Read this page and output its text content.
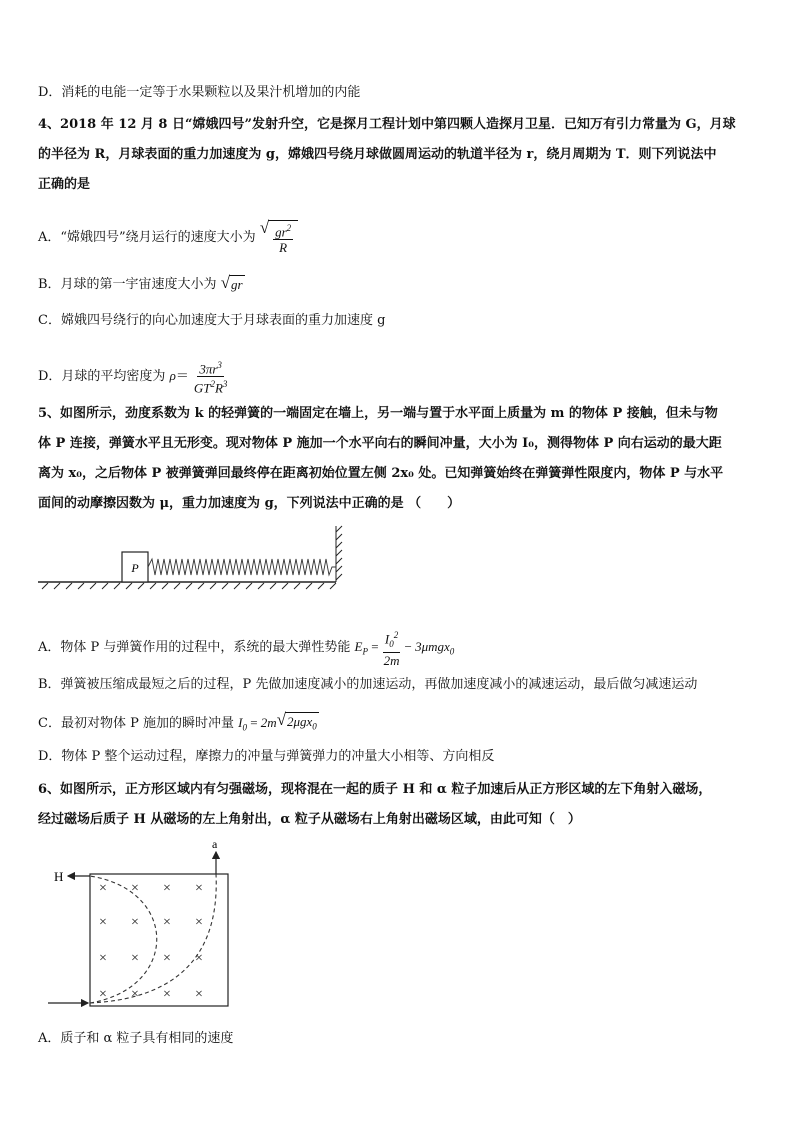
D．消耗的电能一定等于水果颗粒以及果汁机增加的内能
4、2018 年 12 月 8 日“嫦娥四号”发射升空，它是探月工程计划中第四颗人造探月卫星．已知万有引力常量为 G，月球
的半径为 R，月球表面的重力加速度为 g，嫦娥四号绕月球做圆周运动的轨道半径为 r，绕月周期为 T．则下列说法中
正确的是
A．“嫦娥四号”绕月运行的速度大小为
√ $\frac{gr^2}{R}$
B．月球的第一宇宙速度大小为 √ gr
C．嫦娥四号绕行的向心加速度大于月球表面的重力加速度 g
D．月球的平均密度为 $\rho= \frac{3\pi r^3}{GT^2R^3}$
5、如图所示，劲度系数为 k 的轻弹簧的一端固定在墙上，另一端与置于水平面上质量为 m 的物体 P 接触，但未与物
体 P 连接，弹簧水平且无形变。现对物体 P 施加一个水平向右的瞬间冲量，大小为 I₀，测得物体 P 向右运动的最大距
离为 x₀，之后物体 P 被弹簧弹回最终停在距离初始位置左侧 2x₀ 处。已知弹簧始终在弹簧弹性限度内，物体 P 与水平
面间的动摩擦因数为 μ，重力加速度为 g，下列说法中正确的是 （　　）
P
A．物体 P 与弹簧作用的过程中，系统的最大弹性势能 $E_P = \frac{I_0^2}{2m} - 3\mu mgx_0$
B．弹簧被压缩成最短之后的过程，P 先做加速度减小的加速运动，再做加速度减小的减速运动，最后做匀减速运动
C．最初对物体 P 施加的瞬时冲量 $I_0 = 2m$ √ 2μgx$_0$
D．物体 P 整个运动过程，摩擦力的冲量与弹簧弹力的冲量大小相等、方向相反
6、如图所示，正方形区域内有匀强磁场，现将混在一起的质子 H 和 α 粒子加速后从正方形区域的左下角射入磁场，
经过磁场后质子 H 从磁场的左上角射出，α 粒子从磁场右上角射出磁场区域，由此可知（　）
× × × ×
× × × ×
× × × ×
× × × ×
H
a
A．质子和 α 粒子具有相同的速度
